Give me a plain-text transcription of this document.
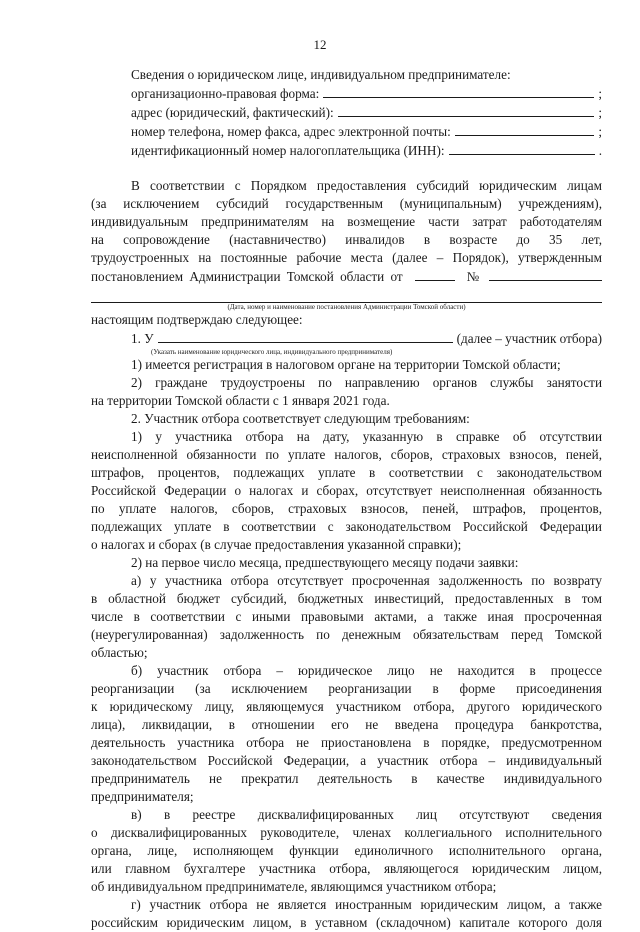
12

Сведения о юридическом лице, индивидуальном предпринимателе:

организационно-правовая форма:	;
адрес (юридический, фактический):	;
номер телефона, номер факса, адрес электронной почты:	;
идентификационный номер налогоплательщика (ИНН):	.

В соответствии с Порядком предоставления субсидий юридическим лицам

(за исключением субсидий государственным (муниципальным) учреждениям),

индивидуальным предпринимателям на возмещение части затрат работодателям

на сопровождение (наставничество) инвалидов в возрасте до 35 лет,

трудоустроенных на постоянные рабочие места (далее – Порядок), утвержденным

постановлением Администрации Томской области от	№

(Дата, номер и наименование постановления Администрации Томской области)

настоящим подтверждаю следующее:

1. У	(далее – участник отбора)

(Указать наименование юридического лица, индивидуального предпринимателя)

1) имеется регистрация в налоговом органе на территории Томской области;

2) граждане трудоустроены по направлению органов службы занятости

на территории Томской области с 1 января 2021 года.

2. Участник отбора соответствует следующим требованиям:

1) у участника отбора на дату, указанную в справке об отсутствии

неисполненной обязанности по уплате налогов, сборов, страховых взносов, пеней,

штрафов, процентов, подлежащих уплате в соответствии с законодательством

Российской Федерации о налогах и сборах, отсутствует неисполненная обязанность

по уплате налогов, сборов, страховых взносов, пеней, штрафов, процентов,

подлежащих уплате в соответствии с законодательством Российской Федерации

о налогах и сборах (в случае предоставления указанной справки);

2) на первое число месяца, предшествующего месяцу подачи заявки:

а) у участника отбора отсутствует просроченная задолженность по возврату

в областной бюджет субсидий, бюджетных инвестиций, предоставленных в том

числе в соответствии с иными правовыми актами, а также иная просроченная

(неурегулированная) задолженность по денежным обязательствам перед Томской

областью;

б) участник отбора – юридическое лицо не находится в процессе

реорганизации (за исключением реорганизации в форме присоединения

к юридическому лицу, являющемуся участником отбора, другого юридического

лица), ликвидации, в отношении его не введена процедура банкротства,

деятельность участника отбора не приостановлена в порядке, предусмотренном

законодательством Российской Федерации, а участник отбора – индивидуальный

предприниматель не прекратил деятельность в качестве индивидуального

предпринимателя;

в) в реестре дисквалифицированных лиц отсутствуют сведения

о дисквалифицированных руководителе, членах коллегиального исполнительного

органа, лице, исполняющем функции единоличного исполнительного органа,

или главном бухгалтере участника отбора, являющегося юридическим лицом,

об индивидуальном предпринимателе, являющимся участником отбора;

г) участник отбора не является иностранным юридическим лицом, а также

российским юридическим лицом, в уставном (складочном) капитале которого доля
